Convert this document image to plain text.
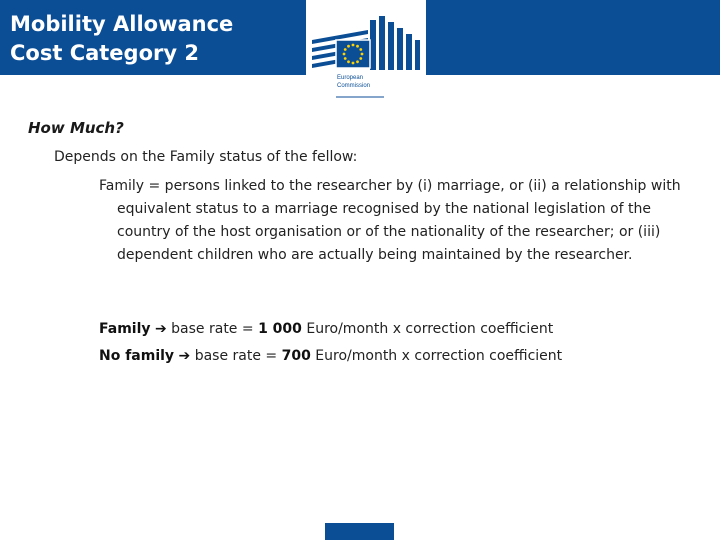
Mobility Allowance
Cost Category 2
European
Commission
How Much?
Depends on the Family status of the fellow:
Family = persons linked to the researcher by (i) marriage, or (ii) a relationship with equivalent status to a marriage recognised by the national legislation of the country of the host organisation or of the nationality of the researcher; or (iii) dependent children who are actually being maintained by the researcher.
Family ➔ base rate = 1 000 Euro/month x correction coefficient
No family ➔ base rate = 700 Euro/month x correction coefficient
